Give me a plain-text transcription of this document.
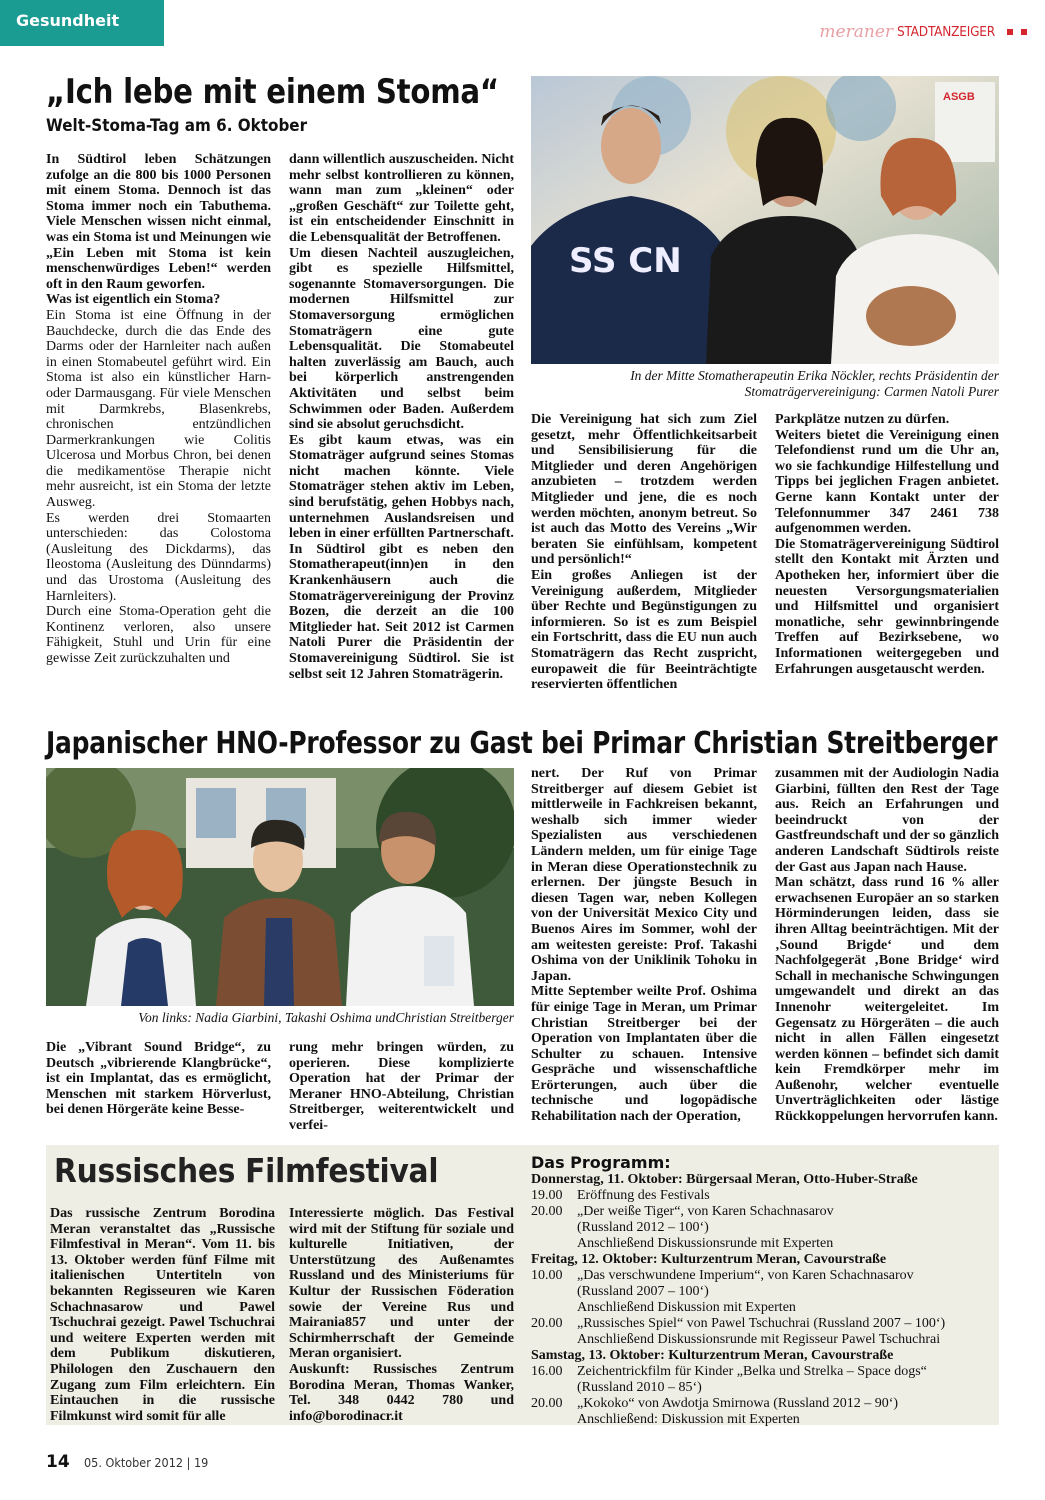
Gesundheit
meraner STADTANZEIGER
„Ich lebe mit einem Stoma“
Welt-Stoma-Tag am 6. Oktober

In Südtirol leben Schätzungen zufolge an die 800 bis 1000 Personen mit einem Stoma. Dennoch ist das Stoma immer noch ein Tabuthema. Viele Menschen wissen nicht einmal, was ein Stoma ist und Meinungen wie „Ein Leben mit Stoma ist kein menschenwürdiges Leben!“ werden oft in den Raum geworfen.

Was ist eigentlich ein Stoma?

Ein Stoma ist eine Öffnung in der Bauchdecke, durch die das Ende des Darms oder der Harnleiter nach außen in einen Stomabeutel geführt wird. Ein Stoma ist also ein künstlicher Harn- oder Darmausgang. Für viele Menschen mit Darmkrebs, Blasenkrebs, chronischen entzündlichen Darmerkrankungen wie Colitis Ulcerosa und Morbus Chron, bei denen die medikamentöse Therapie nicht mehr ausreicht, ist ein Stoma der letzte Ausweg.

Es werden drei Stomaarten unterschieden: das Colostoma (Ausleitung des Dickdarms), das Ileostoma (Ausleitung des Dünndarms) und das Urostoma (Ausleitung des Harnleiters).

Durch eine Stoma-Operation geht die Kontinenz verloren, also unsere Fähigkeit, Stuhl und Urin für eine gewisse Zeit zurückzuhalten und

dann willentlich auszuscheiden. Nicht mehr selbst kontrollieren zu können, wann man zum „kleinen“ oder „großen Geschäft“ zur Toilette geht, ist ein entscheidender Einschnitt in die Lebensqualität der Betroffenen.

Um diesen Nachteil auszugleichen, gibt es spezielle Hilfsmittel, sogenannte Stomaversorgungen. Die modernen Hilfsmittel zur Stomaversorgung ermöglichen Stomaträgern eine gute Lebensqualität. Die Stomabeutel halten zuverlässig am Bauch, auch bei körperlich anstrengenden Aktivitäten und selbst beim Schwimmen oder Baden. Außerdem sind sie absolut geruchsdicht.

Es gibt kaum etwas, was ein Stomaträger aufgrund seines Stomas nicht machen könnte. Viele Stomaträger stehen aktiv im Leben, sind berufstätig, gehen Hobbys nach, unternehmen Auslandsreisen und leben in einer erfüllten Partnerschaft.

In Südtirol gibt es neben den Stomatherapeut(inn)en in den Krankenhäusern auch die Stomaträgervereinigung der Provinz Bozen, die derzeit an die 100 Mitglieder hat. Seit 2012 ist Carmen Natoli Purer die Präsidentin der Stomavereinigung Südtirol. Sie ist selbst seit 12 Jahren Stomaträgerin.

ASGB
SS CN

In der Mitte Stomatherapeutin Erika Nöckler, rechts Präsidentin der Stomaträgervereinigung: Carmen Natoli Purer

Die Vereinigung hat sich zum Ziel gesetzt, mehr Öffentlichkeitsarbeit und Sensibilisierung für die Mitglieder und deren Angehörigen anzubieten – trotzdem werden Mitglieder und jene, die es noch werden möchten, anonym betreut. So ist auch das Motto des Vereins „Wir beraten Sie einfühlsam, kompetent und persönlich!“

Ein großes Anliegen ist der Vereinigung außerdem, Mitglieder über Rechte und Begünstigungen zu informieren. So ist es zum Beispiel ein Fortschritt, dass die EU nun auch Stomaträgern das Recht zuspricht, europaweit die für Beeinträchtigte reservierten öffentlichen

Parkplätze nutzen zu dürfen.

Weiters bietet die Vereinigung einen Telefondienst rund um die Uhr an, wo sie fachkundige Hilfestellung und Tipps bei jeglichen Fragen anbietet. Gerne kann Kontakt unter der Telefonnummer 347 2461 738 aufgenommen werden.

Die Stomaträgervereinigung Südtirol stellt den Kontakt mit Ärzten und Apotheken her, informiert über die neuesten Versorgungsmaterialien und Hilfsmittel und organisiert monatliche, sehr gewinnbringende Treffen auf Bezirksebene, wo Informationen weitergegeben und Erfahrungen ausgetauscht werden.

Japanischer HNO-Professor zu Gast bei Primar Christian Streitberger

Von links: Nadia Giarbini, Takashi Oshima undChristian Streitberger

Die „Vibrant Sound Bridge“, zu Deutsch „vibrierende Klangbrücke“, ist ein Implantat, das es ermöglicht, Menschen mit starkem Hörverlust, bei denen Hörgeräte keine Besse-

rung mehr bringen würden, zu operieren. Diese komplizierte Operation hat der Primar der Meraner HNO-Abteilung, Christian Streitberger, weiterentwickelt und verfei-

nert. Der Ruf von Primar Streitberger auf diesem Gebiet ist mittlerweile in Fachkreisen bekannt, weshalb sich immer wieder Spezialisten aus verschiedenen Ländern melden, um für einige Tage in Meran diese Operationstechnik zu erlernen. Der jüngste Besuch in diesen Tagen war, neben Kollegen von der Universität Mexico City und Buenos Aires im Sommer, wohl der am weitesten gereiste: Prof. Takashi Oshima von der Uniklinik Tohoku in Japan.

Mitte September weilte Prof. Oshima für einige Tage in Meran, um Primar Christian Streitberger bei der Operation von Implantaten über die Schulter zu schauen. Intensive Gespräche und wissenschaftliche Erörterungen, auch über die technische und logopädische Rehabilitation nach der Operation,

zusammen mit der Audiologin Nadia Giarbini, füllten den Rest der Tage aus. Reich an Erfahrungen und beeindruckt von der Gastfreundschaft und der so gänzlich anderen Landschaft Südtirols reiste der Gast aus Japan nach Hause.

Man schätzt, dass rund 16 % aller erwachsenen Europäer an so starken Hörminderungen leiden, dass sie ihren Alltag beeinträchtigen. Mit der ‚Sound Brigde‘ und dem Nachfolgegerät ‚Bone Bridge‘ wird Schall in mechanische Schwingungen umgewandelt und direkt an das Innenohr weitergeleitet. Im Gegensatz zu Hörgeräten – die auch nicht in allen Fällen eingesetzt werden können – befindet sich damit kein Fremdkörper mehr im Außenohr, welcher eventuelle Unverträglichkeiten oder lästige Rückkoppelungen hervorrufen kann.

Russisches Filmfestival

Das russische Zentrum Borodina Meran veranstaltet das „Russische Filmfestival in Meran“. Vom 11. bis 13. Oktober werden fünf Filme mit italienischen Untertiteln von bekannten Regisseuren wie Karen Schachnasarow und Pawel Tschuchrai gezeigt. Pawel Tschuchrai und weitere Experten werden mit dem Publikum diskutieren, Philologen den Zuschauern den Zugang zum Film erleichtern. Ein Eintauchen in die russische Filmkunst wird somit für alle

Interessierte möglich. Das Festival wird mit der Stiftung für soziale und kulturelle Initiativen, der Unterstützung des Außenamtes Russland und des Ministeriums für Kultur der Russischen Föderation sowie der Vereine Rus und Mairania857 und unter der Schirmherrschaft der Gemeinde Meran organisiert.

Auskunft: Russisches Zentrum Borodina Meran, Thomas Wanker, Tel. 348 0442 780 und info@borodinacr.it

Das Programm:
Donnerstag, 11. Oktober: Bürgersaal Meran, Otto-Huber-Straße
19.00	Eröffnung des Festivals
20.00	„Der weiße Tiger“, von Karen Schachnasarov
(Russland 2012 – 100‘)
Anschließend Diskussionsrunde mit Experten
Freitag, 12. Oktober: Kulturzentrum Meran, Cavourstraße
10.00	„Das verschwundene Imperium“, von Karen Schachnasarov
(Russland 2007 – 100‘)
Anschließend Diskussion mit Experten
20.00	„Russisches Spiel“ von Pawel Tschuchrai (Russland 2007 – 100‘)
Anschließend Diskussionsrunde mit Regisseur Pawel Tschuchrai
Samstag, 13. Oktober: Kulturzentrum Meran, Cavourstraße
16.00	Zeichentrickfilm für Kinder „Belka und Strelka – Space dogs“
(Russland 2010 – 85‘)
20.00	„Kokoko“ von Awdotja Smirnowa (Russland 2012 – 90‘)
Anschließend: Diskussion mit Experten
14 05. Oktober 2012 | 19
